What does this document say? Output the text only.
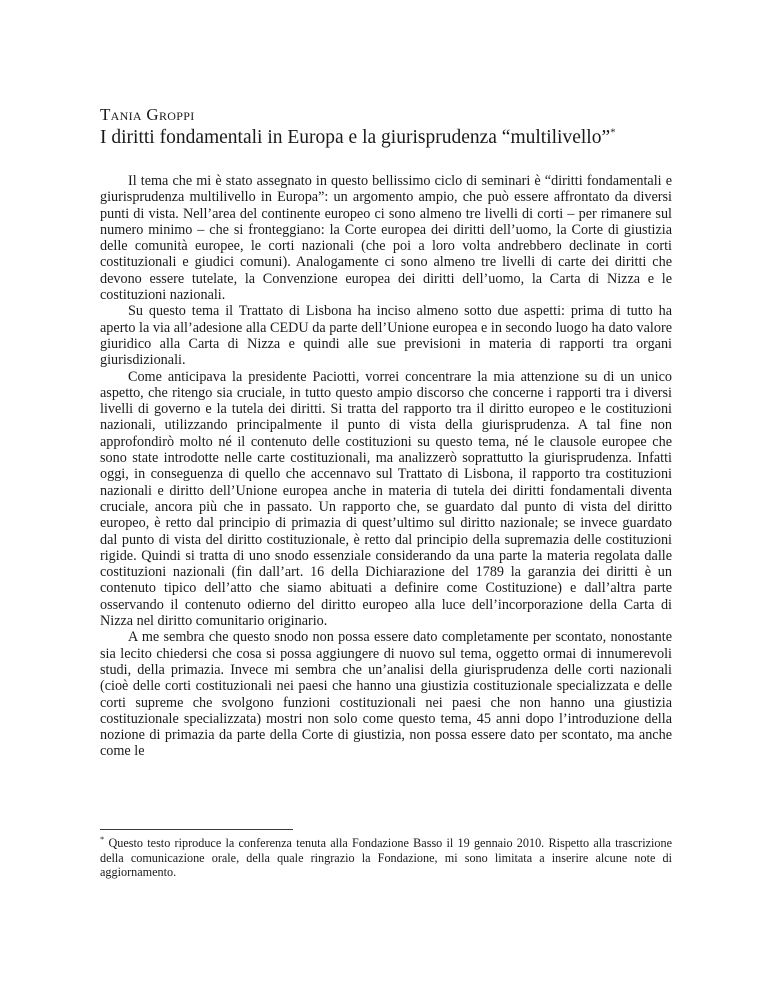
Tania Groppi
I diritti fondamentali in Europa e la giurisprudenza “multilivello”*

Il tema che mi è stato assegnato in questo bellissimo ciclo di seminari è “diritti fondamentali e giurisprudenza multilivello in Europa”: un argomento ampio, che può essere affrontato da diversi punti di vista. Nell’area del continente europeo ci sono almeno tre livelli di corti – per rimanere sul numero minimo – che si fronteggiano: la Corte europea dei diritti dell’uomo, la Corte di giustizia delle comunità europee, le corti nazionali (che poi a loro volta andrebbero declinate in corti costituzionali e giudici comuni). Analogamente ci sono almeno tre livelli di carte dei diritti che devono essere tutelate, la Convenzione europea dei diritti dell’uomo, la Carta di Nizza e le costituzioni nazionali.

Su questo tema il Trattato di Lisbona ha inciso almeno sotto due aspetti: prima di tutto ha aperto la via all’adesione alla CEDU da parte dell’Unione europea e in secondo luogo ha dato valore giuridico alla Carta di Nizza e quindi alle sue previsioni in materia di rapporti tra organi giurisdizionali.

Come anticipava la presidente Paciotti, vorrei concentrare la mia attenzione su di un unico aspetto, che ritengo sia cruciale, in tutto questo ampio discorso che concerne i rapporti tra i diversi livelli di governo e la tutela dei diritti. Si tratta del rapporto tra il diritto europeo e le costituzioni nazionali, utilizzando principalmente il punto di vista della giurisprudenza. A tal fine non approfondirò molto né il contenuto delle costituzioni su questo tema, né le clausole europee che sono state introdotte nelle carte costituzionali, ma analizzerò soprattutto la giurisprudenza. Infatti oggi, in conseguenza di quello che accennavo sul Trattato di Lisbona, il rapporto tra costituzioni nazionali e diritto dell’Unione europea anche in materia di tutela dei diritti fondamentali diventa cruciale, ancora più che in passato. Un rapporto che, se guardato dal punto di vista del diritto europeo, è retto dal principio di primazia di quest’ultimo sul diritto nazionale; se invece guardato dal punto di vista del diritto costituzionale, è retto dal principio della supremazia delle costituzioni rigide. Quindi si tratta di uno snodo essenziale considerando da una parte la materia regolata dalle costituzioni nazionali (fin dall’art. 16 della Dichiarazione del 1789 la garanzia dei diritti è un contenuto tipico dell’atto che siamo abituati a definire come Costituzione) e dall’altra parte osservando il contenuto odierno del diritto europeo alla luce dell’incorporazione della Carta di Nizza nel diritto comunitario originario.

A me sembra che questo snodo non possa essere dato completamente per scontato, nonostante sia lecito chiedersi che cosa si possa aggiungere di nuovo sul tema, oggetto ormai di innumerevoli studi, della primazia. Invece mi sembra che un’analisi della giurisprudenza delle corti nazionali (cioè delle corti costituzionali nei paesi che hanno una giustizia costituzionale specializzata e delle corti supreme che svolgono funzioni costituzionali nei paesi che non hanno una giustizia costituzionale specializzata) mostri non solo come questo tema, 45 anni dopo l’introduzione della nozione di primazia da parte della Corte di giustizia, non possa essere dato per scontato, ma anche come le

* Questo testo riproduce la conferenza tenuta alla Fondazione Basso il 19 gennaio 2010. Rispetto alla trascrizione della comunicazione orale, della quale ringrazio la Fondazione, mi sono limitata a inserire alcune note di aggiornamento.
